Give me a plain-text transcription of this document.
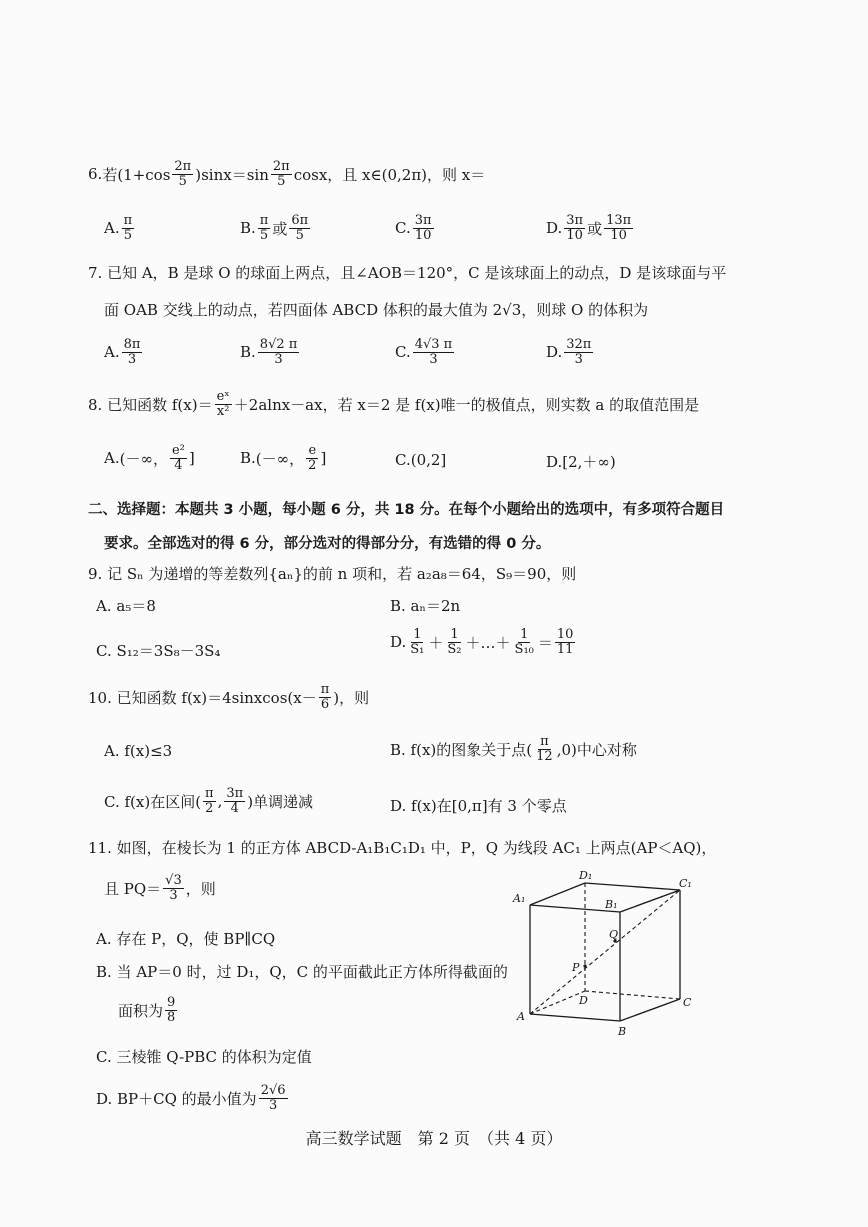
6. 若$(1+\cos \frac{2\pi}{5} )\sin x=\sin \frac{2\pi}{5}$ cosx，且 x∈(0,2π)，则 x＝
A. $\frac{\pi}{5}$	B. $\frac{\pi}{5}$ 或 $\frac{6\pi}{5}$	C. $\frac{3\pi}{10}$	D. $\frac{3\pi}{10}$ 或 $\frac{13\pi}{10}$
7. 已知 A，B 是球 O 的球面上两点，且∠AOB＝120°，C 是该球面上的动点，D 是该球面与平
面 OAB 交线上的动点，若四面体 ABCD 体积的最大值为 2√3，则球 O 的体积为
A. $\frac{8\pi}{3}$	B. $\frac{8√2 \pi}{3}$	C. $\frac{4√3 \pi}{3}$	D. $\frac{32\pi}{3}$
8. 已知函数 $f(x)= \frac{\text{eˣ}}{\text{x²}} +2alnx-ax$，若 x＝2 是 f(x)唯一的极值点，则实数 a 的取值范围是
A. (－∞， $\frac{\text{e²}}{4}$ ]	B. (－∞， $\frac{e}{2}$ ]	C. (0,2]	D. [2,＋∞)
二、选择题：本题共 3 小题，每小题 6 分，共 18 分。在每个小题给出的选项中，有多项符合题目
要求。全部选对的得 6 分，部分选对的得部分分，有选错的得 0 分。
9. 记 Sₙ 为递增的等差数列{aₙ}的前 n 项和，若 a₂a₈＝64，S₉＝90，则
A. a₅＝8	B. aₙ＝2n
C. S₁₂＝3S₈－3S₄	D. $\frac{1}{\text{S₁}} + \frac{1}{\text{S₂}}$ ＋…＋ $\frac{1}{\text{S₁₀}} = \frac{10}{11}$
10. 已知函数 f(x)＝4sinxcos(x－ $\frac{\pi}{6}$ )，则
A. f(x)≤3	B. f(x)的图象关于点( $\frac{\pi}{12} ,0$)中心对称
C. f(x)在区间( $\frac{\pi}{2}$ , $\frac{3\pi}{4}$ )单调递减	D. f(x)在[0,π]有 3 个零点
11. 如图，在棱长为 1 的正方体 ABCD-A₁B₁C₁D₁ 中，P，Q 为线段 AC₁ 上两点(AP＜AQ)，
且 $PQ= \frac{√3}{3}$ ，则
A. 存在 P，Q，使 BP∥CQ
B. 当 AP＝0 时，过 D₁，Q，C 的平面截此正方体所得截面的
面积为 $\frac{9}{8}$
C. 三棱锥 Q-PBC 的体积为定值
D. BP＋CQ 的最小值为 $\frac{2√6}{3}$
A
B
C
D
A₁	B₁
C₁
D₁
P
Q
高三数学试题　第 2 页　（共 4 页）
